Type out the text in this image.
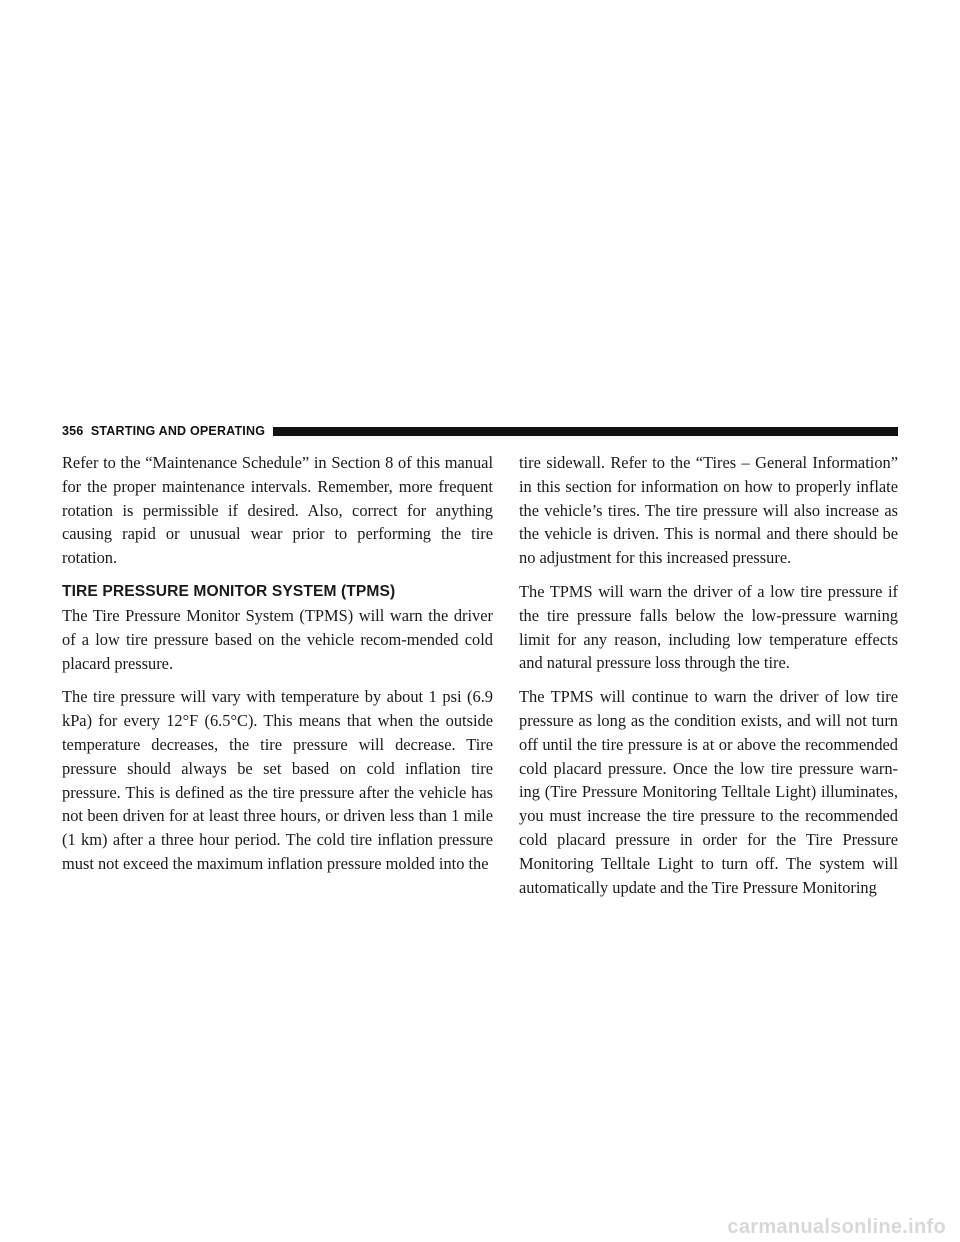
356 STARTING AND OPERATING

Refer to the “Maintenance Schedule” in Section 8 of this manual for the proper maintenance intervals. Remember, more frequent rotation is permissible if desired. Also, correct for anything causing rapid or unusual wear prior to performing the tire rotation.

TIRE PRESSURE MONITOR SYSTEM (TPMS)

The Tire Pressure Monitor System (TPMS) will warn the driver of a low tire pressure based on the vehicle recom-mended cold placard pressure.

The tire pressure will vary with temperature by about 1 psi (6.9 kPa) for every 12°F (6.5°C). This means that when the outside temperature decreases, the tire pressure will decrease. Tire pressure should always be set based on cold inflation tire pressure. This is defined as the tire pressure after the vehicle has not been driven for at least three hours, or driven less than 1 mile (1 km) after a three hour period. The cold tire inflation pressure must not exceed the maximum inflation pressure molded into the

tire sidewall. Refer to the “Tires – General Information” in this section for information on how to properly inflate the vehicle’s tires. The tire pressure will also increase as the vehicle is driven. This is normal and there should be no adjustment for this increased pressure.

The TPMS will warn the driver of a low tire pressure if the tire pressure falls below the low-pressure warning limit for any reason, including low temperature effects and natural pressure loss through the tire.

The TPMS will continue to warn the driver of low tire pressure as long as the condition exists, and will not turn off until the tire pressure is at or above the recommended cold placard pressure. Once the low tire pressure warn-ing (Tire Pressure Monitoring Telltale Light) illuminates, you must increase the tire pressure to the recommended cold placard pressure in order for the Tire Pressure Monitoring Telltale Light to turn off. The system will automatically update and the Tire Pressure Monitoring

carmanualsonline.info
